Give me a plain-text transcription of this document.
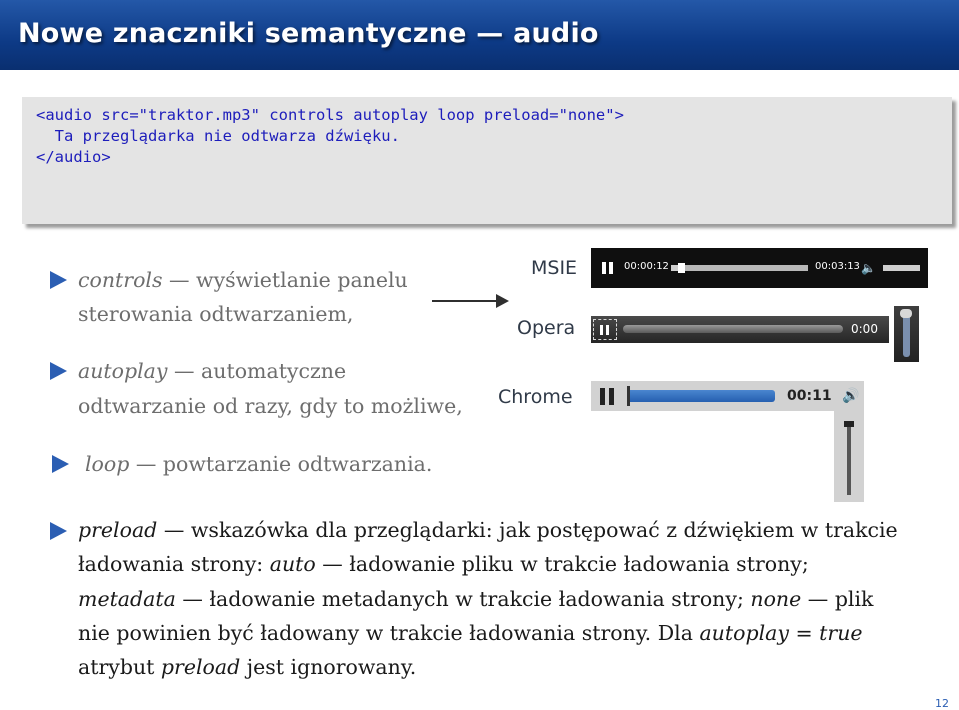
Nowe znaczniki semantyczne — audio
<audio src="traktor.mp3" controls autoplay loop preload="none">
Ta przeglądarka nie odtwarza dźwięku.
</audio>
controls — wyświetlanie panelu
sterowania odtwarzaniem,
autoplay — automatyczne
odtwarzanie od razy, gdy to możliwe,
loop — powtarzanie odtwarzania.
MSIE
Opera
Chrome
00:00:12	00:03:13 🔈
0:00
00:11 🔊
preload — wskazówka dla przeglądarki: jak postępować z dźwiękiem w trakcie
ładowania strony: auto — ładowanie pliku w trakcie ładowania strony;
metadata — ładowanie metadanych w trakcie ładowania strony; none — plik
nie powinien być ładowany w trakcie ładowania strony. Dla autoplay = true
atrybut preload jest ignorowany.
12
